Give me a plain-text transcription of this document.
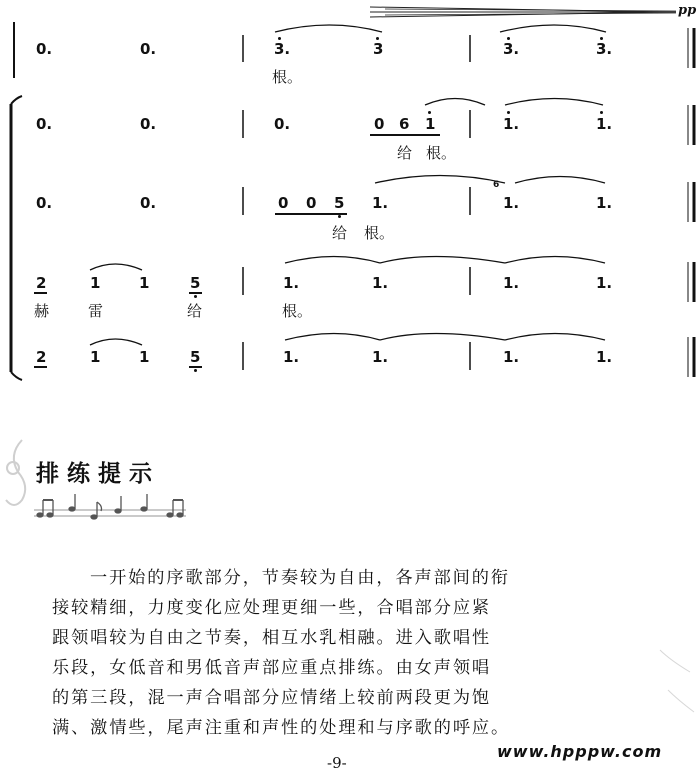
pp
0.	0.	3.	3	3.	3.
根。
0.	0.	0.	0 6 1	1.	1.
给 根。
0.	0.	0 0 5 1.	1.	1.
6
给 根。
2	1	1	5	1.	1.	1.	1.
赫	雷	给	根。
2	1	1	5	1.	1.	1.	1.
排练提示

一开始的序歌部分，节奏较为自由，各声部间的衔

接较精细，力度变化应处理更细一些，合唱部分应紧

跟领唱较为自由之节奏，相互水乳相融。进入歌唱性

乐段，女低音和男低音声部应重点排练。由女声领唱

的第三段，混一声合唱部分应情绪上较前两段更为饱

满、激情些，尾声注重和声性的处理和与序歌的呼应。

www.hpppw.com
-9-
